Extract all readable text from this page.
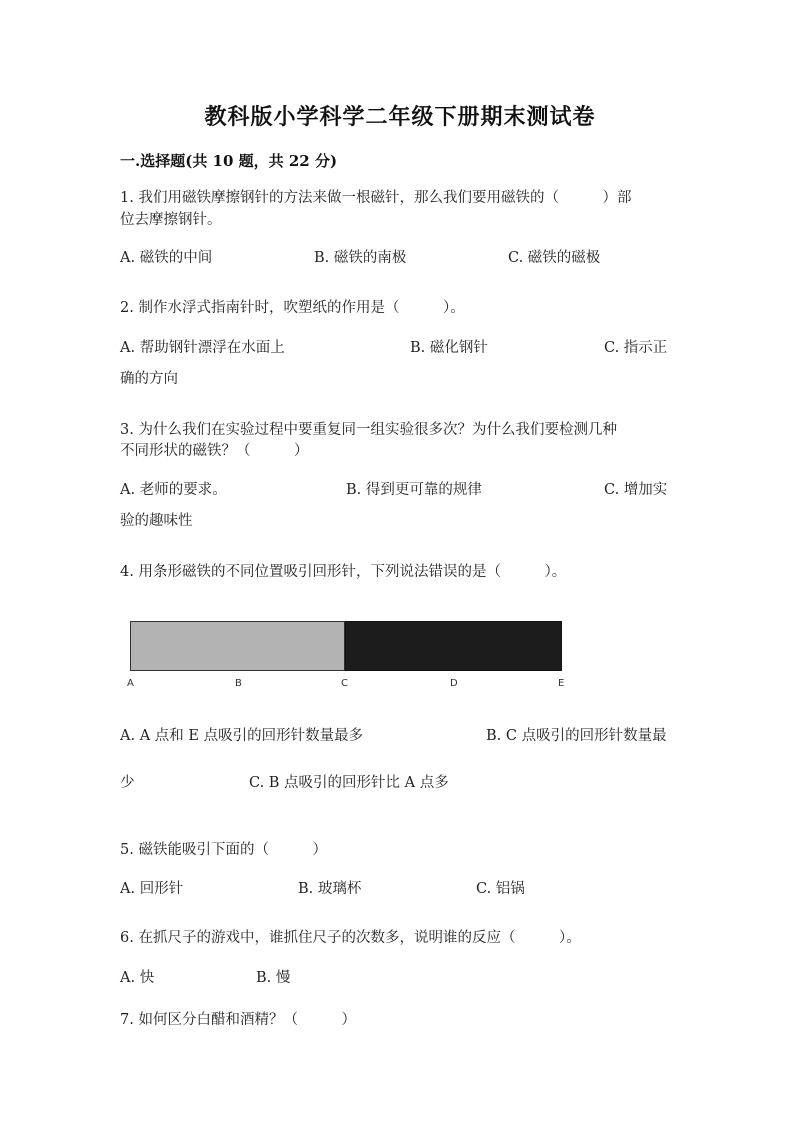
教科版小学科学二年级下册期末测试卷
一.选择题(共 10 题，共 22 分)
1. 我们用磁铁摩擦钢针的方法来做一根磁针，那么我们要用磁铁的（　　　）部
位去摩擦钢针。
A. 磁铁的中间	B. 磁铁的南极	C. 磁铁的磁极
2. 制作水浮式指南针时，吹塑纸的作用是（　　　）。
A. 帮助钢针漂浮在水面上	B. 磁化钢针	C. 指示正
确的方向
3. 为什么我们在实验过程中要重复同一组实验很多次？为什么我们要检测几种
不同形状的磁铁？（　　　）
A. 老师的要求。	B. 得到更可靠的规律	C. 增加实
验的趣味性
4. 用条形磁铁的不同位置吸引回形针，下列说法错误的是（　　　）。
A	B	C	D	E
A. A 点和 E 点吸引的回形针数量最多	B. C 点吸引的回形针数量最
少	C. B 点吸引的回形针比 A 点多
5. 磁铁能吸引下面的（　　　）
A. 回形针	B. 玻璃杯	C. 铝锅
6. 在抓尺子的游戏中，谁抓住尺子的次数多，说明谁的反应（　　　）。
A. 快	B. 慢
7. 如何区分白醋和酒精？（　　　）
